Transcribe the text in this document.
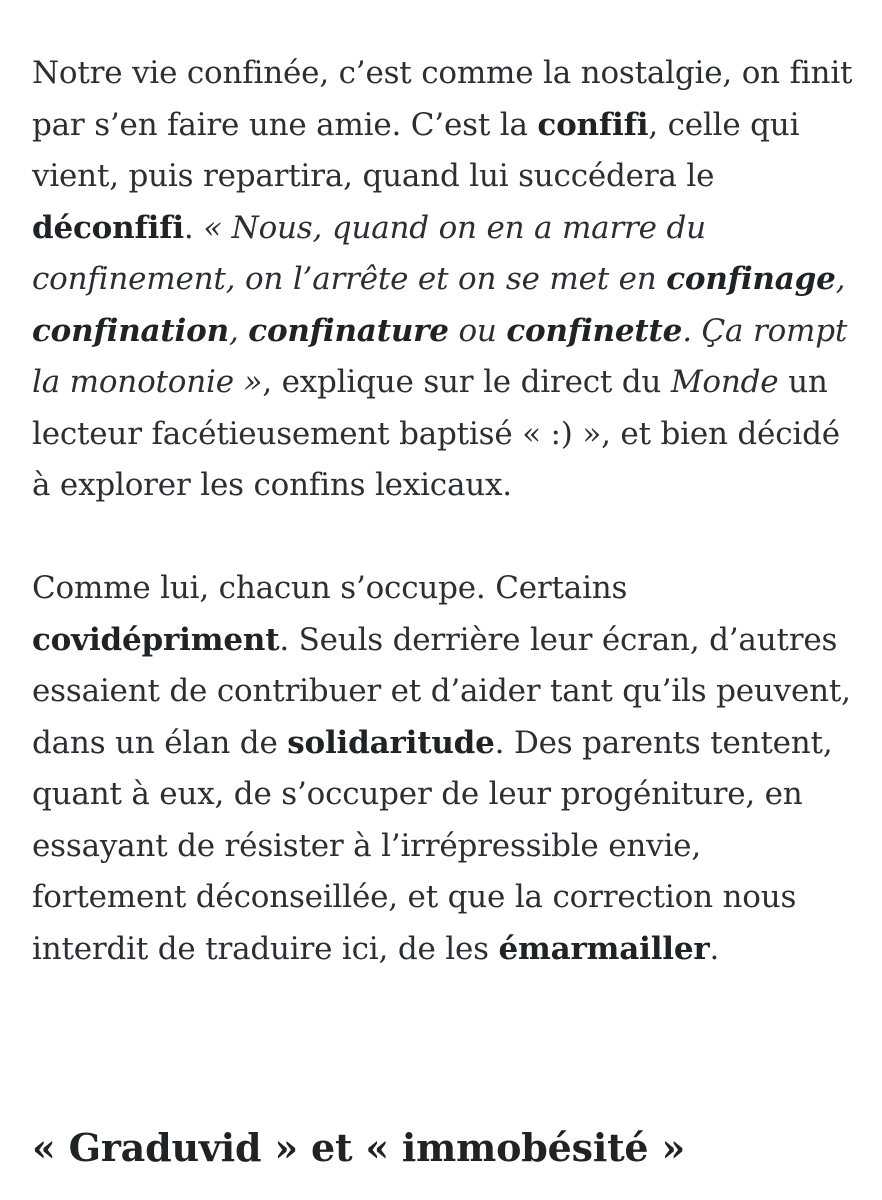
Notre vie confinée, c’est comme la nostalgie, on finit par s’en faire une amie. C’est la confifi, celle qui vient, puis repartira, quand lui succédera le déconfifi. « Nous, quand on en a marre du confinement, on l’arrête et on se met en confinage, confination, confinature ou confinette. Ça rompt la monotonie », explique sur le direct du Monde un lecteur facétieusement baptisé « :) », et bien décidé à explorer les confins lexicaux.

Comme lui, chacun s’occupe. Certains covidépriment. Seuls derrière leur écran, d’autres essaient de contribuer et d’aider tant qu’ils peuvent, dans un élan de solidaritude. Des parents tentent, quant à eux, de s’occuper de leur progéniture, en essayant de résister à l’irrépressible envie, fortement déconseillée, et que la correction nous interdit de traduire ici, de les émarmailler.

« Graduvid » et « immobésité »
